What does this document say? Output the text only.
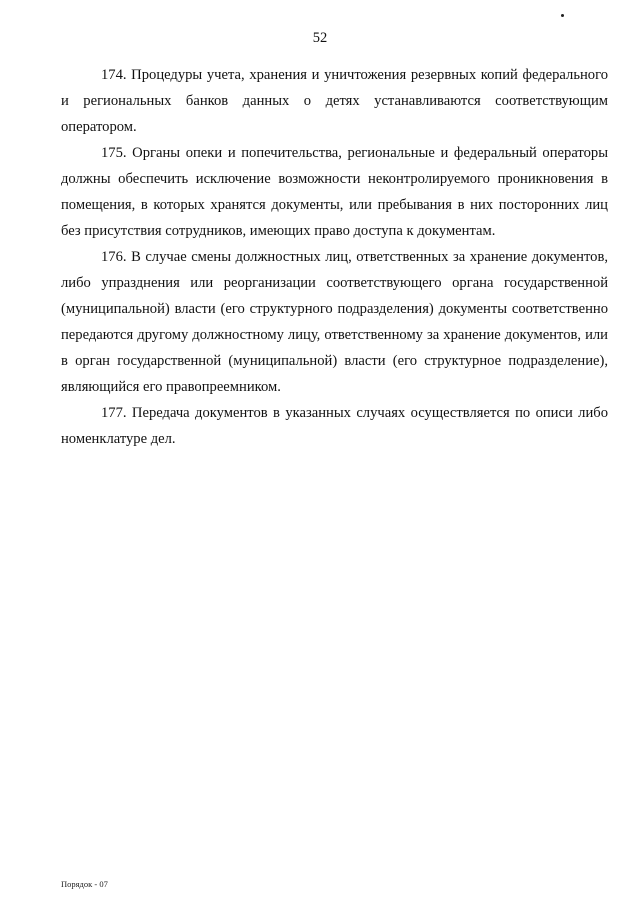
52

174. Процедуры учета, хранения и уничтожения резервных копий федерального и региональных банков данных о детях устанавливаются соответствующим оператором.

175. Органы опеки и попечительства, региональные и федеральный операторы должны обеспечить исключение возможности неконтролируемого проникновения в помещения, в которых хранятся документы, или пребывания в них посторонних лиц без присутствия сотрудников, имеющих право доступа к документам.

176. В случае смены должностных лиц, ответственных за хранение документов, либо упразднения или реорганизации соответствующего органа государственной (муниципальной) власти (его структурного подразделения) документы соответственно передаются другому должностному лицу, ответственному за хранение документов, или в орган государственной (муниципальной) власти (его структурное подразделение), являющийся его правопреемником.

177. Передача документов в указанных случаях осуществляется по описи либо номенклатуре дел.

Порядок - 07
